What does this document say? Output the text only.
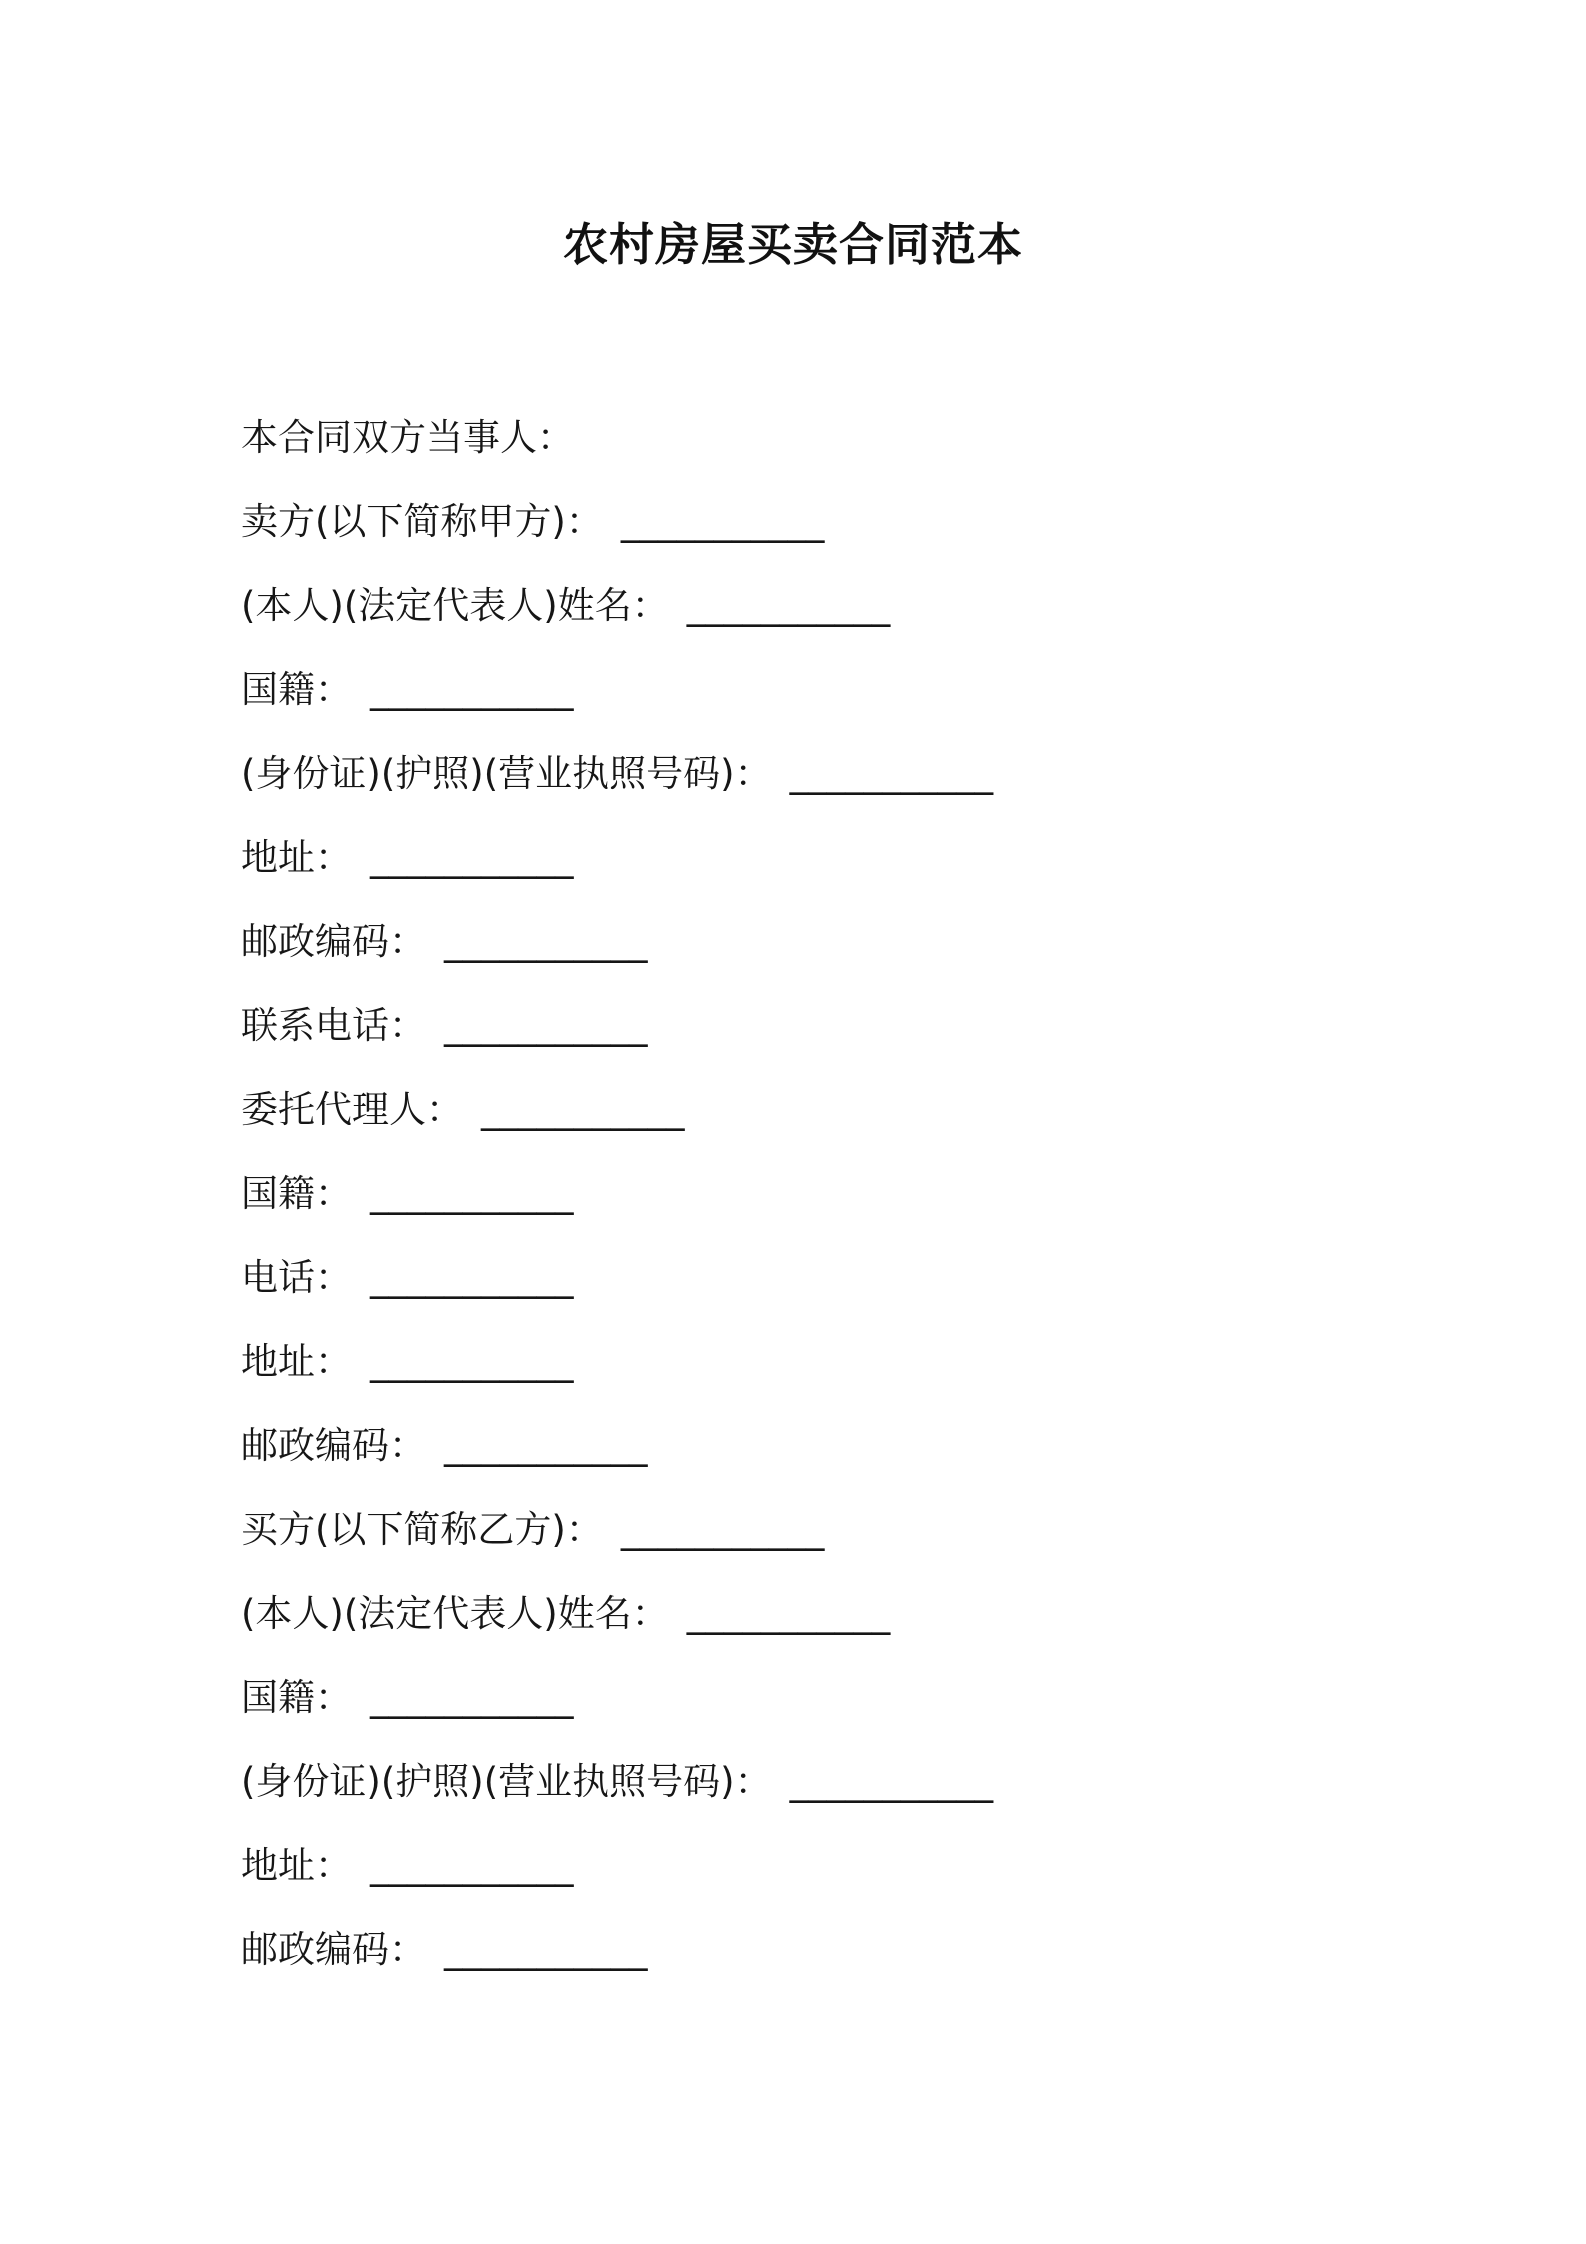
农村房屋买卖合同范本
本合同双方当事人：
卖方(以下简称甲方)： ___________
(本人)(法定代表人)姓名： ___________
国籍： ___________
(身份证)(护照)(营业执照号码)： ___________
地址： ___________
邮政编码： ___________
联系电话： ___________
委托代理人： ___________
国籍： ___________
电话： ___________
地址： ___________
邮政编码： ___________
买方(以下简称乙方)： ___________
(本人)(法定代表人)姓名： ___________
国籍： ___________
(身份证)(护照)(营业执照号码)： ___________
地址： ___________
邮政编码： ___________
